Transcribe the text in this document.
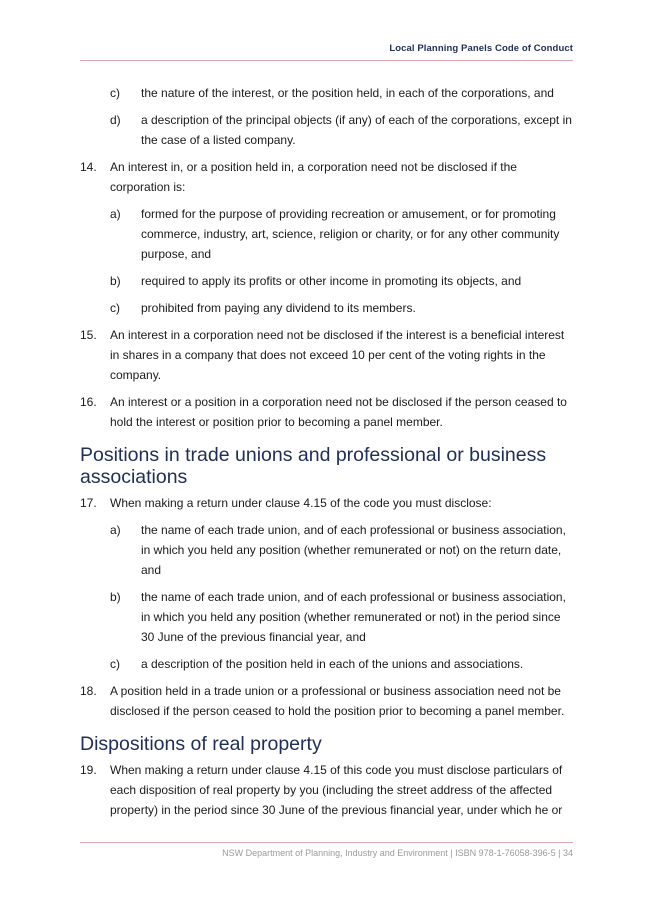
Local Planning Panels Code of Conduct
c) the nature of the interest, or the position held, in each of the corporations, and
d) a description of the principal objects (if any) of each of the corporations, except in the case of a listed company.
14. An interest in, or a position held in, a corporation need not be disclosed if the corporation is:
a) formed for the purpose of providing recreation or amusement, or for promoting commerce, industry, art, science, religion or charity, or for any other community purpose, and
b) required to apply its profits or other income in promoting its objects, and
c) prohibited from paying any dividend to its members.
15. An interest in a corporation need not be disclosed if the interest is a beneficial interest in shares in a company that does not exceed 10 per cent of the voting rights in the company.
16. An interest or a position in a corporation need not be disclosed if the person ceased to hold the interest or position prior to becoming a panel member.
Positions in trade unions and professional or business associations
17. When making a return under clause 4.15 of the code you must disclose:
a) the name of each trade union, and of each professional or business association, in which you held any position (whether remunerated or not) on the return date, and
b) the name of each trade union, and of each professional or business association, in which you held any position (whether remunerated or not) in the period since 30 June of the previous financial year, and
c) a description of the position held in each of the unions and associations.
18. A position held in a trade union or a professional or business association need not be disclosed if the person ceased to hold the position prior to becoming a panel member.
Dispositions of real property
19. When making a return under clause 4.15 of this code you must disclose particulars of each disposition of real property by you (including the street address of the affected property) in the period since 30 June of the previous financial year, under which he or
NSW Department of Planning, Industry and Environment | ISBN 978-1-76058-396-5 | 34
